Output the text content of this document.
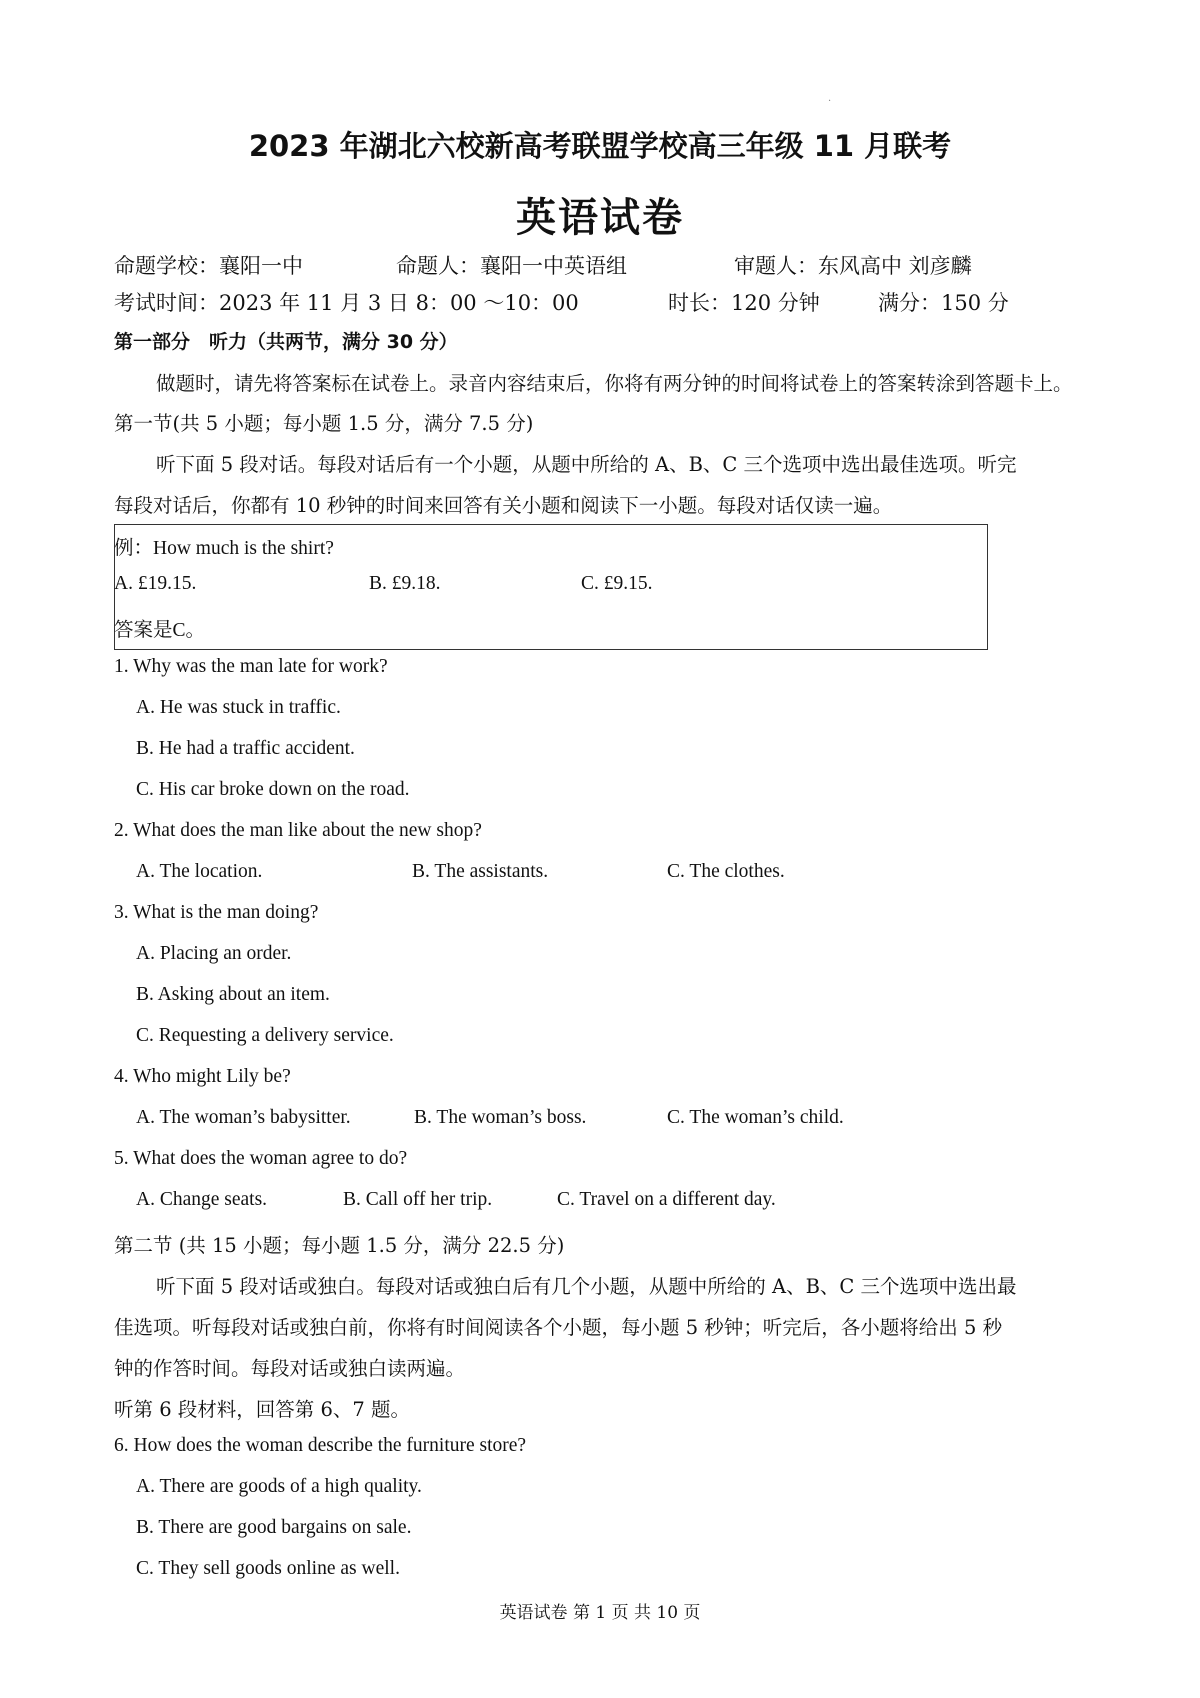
·
2023 年湖北六校新高考联盟学校高三年级 11 月联考
英语试卷
命题学校：襄阳一中	命题人：襄阳一中英语组	审题人：东风高中 刘彦麟
考试时间：2023 年 11 月 3 日 8：00 ～10：00	时长：120 分钟	满分：150 分
第一部分　听力（共两节，满分 30 分）
做题时，请先将答案标在试卷上。录音内容结束后，你将有两分钟的时间将试卷上的答案转涂到答题卡上。
第一节(共 5 小题；每小题 1.5 分，满分 7.5 分)
听下面 5 段对话。每段对话后有一个小题，从题中所给的 A、B、C 三个选项中选出最佳选项。听完
每段对话后，你都有 10 秒钟的时间来回答有关小题和阅读下一小题。每段对话仅读一遍。
例：How much is the shirt?
A. £19.15.	B. £9.18.	C. £9.15.
答案是C。
1. Why was the man late for work?
A. He was stuck in traffic.
B. He had a traffic accident.
C. His car broke down on the road.
2. What does the man like about the new shop?
A. The location.	B. The assistants.	C. The clothes.
3. What is the man doing?
A. Placing an order.
B. Asking about an item.
C. Requesting a delivery service.
4. Who might Lily be?
A. The woman’s babysitter.	B. The woman’s boss.	C. The woman’s child.
5. What does the woman agree to do?
A. Change seats.	B. Call off her trip.	C. Travel on a different day.
第二节 (共 15 小题；每小题 1.5 分，满分 22.5 分)
听下面 5 段对话或独白。每段对话或独白后有几个小题，从题中所给的 A、B、C 三个选项中选出最
佳选项。听每段对话或独白前，你将有时间阅读各个小题，每小题 5 秒钟；听完后，各小题将给出 5 秒
钟的作答时间。每段对话或独白读两遍。
听第 6 段材料，回答第 6、7 题。
6. How does the woman describe the furniture store?
A. There are goods of a high quality.
B. There are good bargains on sale.
C. They sell goods online as well.
英语试卷 第 1 页 共 10 页
